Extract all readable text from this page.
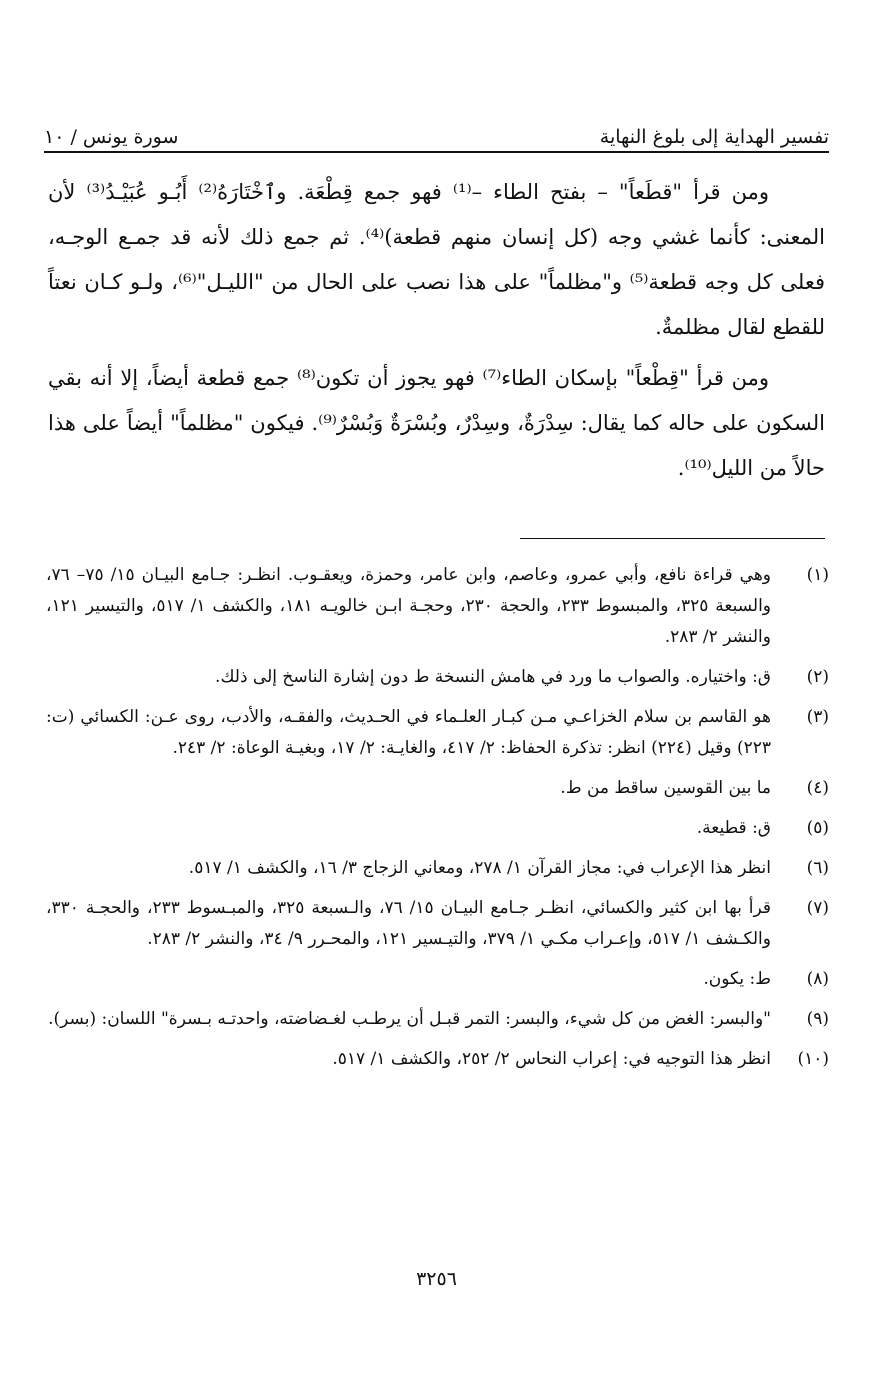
تفسير الهداية إلى بلوغ النهاية
سورة يونس / ١٠

ومن قرأ "قطَعاً" – بفتح الطاء –⁽¹⁾ فهو جمع قِطْعَة. وٱخْتَارَهُ⁽²⁾ أَبُـو عُبَيْـدُ⁽³⁾ لأن المعنى: كأنما غشي وجه (كل إنسان منهم قطعة)⁽⁴⁾. ثم جمع ذلك لأنه قد جمـع الوجـه، فعلى كل وجه قطعة⁽⁵⁾ و"مظلماً" على هذا نصب على الحال من "الليـل"⁽⁶⁾، ولـو كـان نعتاً للقطع لقال مظلمةٌ.

ومن قرأ "قِطْعاً" بإسكان الطاء⁽⁷⁾ فهو يجوز أن تكون⁽⁸⁾ جمع قطعة أيضاً، إلا أنه بقي السكون على حاله كما يقال: سِدْرَةٌ، وسِدْرٌ، وبُسْرَةٌ وَبُسْرٌ⁽⁹⁾. فيكون "مظلماً" أيضاً على هذا حالاً من الليل⁽¹⁰⁾.

(١)
وهي قراءة نافع، وأبي عمرو، وعاصم، وابن عامر، وحمزة، ويعقـوب. انظـر: جـامع البيـان ١٥/ ٧٥– ٧٦، والسبعة ٣٢٥، والمبسوط ٢٣٣، والحجة ٢٣٠، وحجـة ابـن خالويـه ١٨١، والكشف ١/ ٥١٧، والتيسير ١٢١، والنشر ٢/ ٢٨٣.
(٢)
ق: واختياره. والصواب ما ورد في هامش النسخة ط دون إشارة الناسخ إلى ذلك.
(٣)
هو القاسم بن سلام الخزاعـي مـن كبـار العلـماء في الحـديث، والفقـه، والأدب، روى عـن: الكسائي (ت: ٢٢٣) وقيل (٢٢٤) انظر: تذكرة الحفاظ: ٢/ ٤١٧، والغايـة: ٢/ ١٧، وبغيـة الوعاة: ٢/ ٢٤٣.
(٤)
ما بين القوسين ساقط من ط.
(٥)
ق: قطيعة.
(٦)
انظر هذا الإعراب في: مجاز القرآن ١/ ٢٧٨، ومعاني الزجاج ٣/ ١٦، والكشف ١/ ٥١٧.
(٧)
قرأ بها ابن كثير والكسائي، انظـر جـامع البيـان ١٥/ ٧٦، والـسبعة ٣٢٥، والمبـسوط ٢٣٣، والحجـة ٣٣٠، والكـشف ١/ ٥١٧، وإعـراب مكـي ١/ ٣٧٩، والتيـسير ١٢١، والمحـرر ٩/ ٣٤، والنشر ٢/ ٢٨٣.
(٨)
ط: يكون.
(٩)
"والبسر: الغض من كل شيء، والبسر: التمر قبـل أن يرطـب لغـضاضته، واحدتـه بـسرة" اللسان: (بسر).
(١٠)
انظر هذا التوجيه في: إعراب النحاس ٢/ ٢٥٢، والكشف ١/ ٥١٧.
٣٢٥٦
